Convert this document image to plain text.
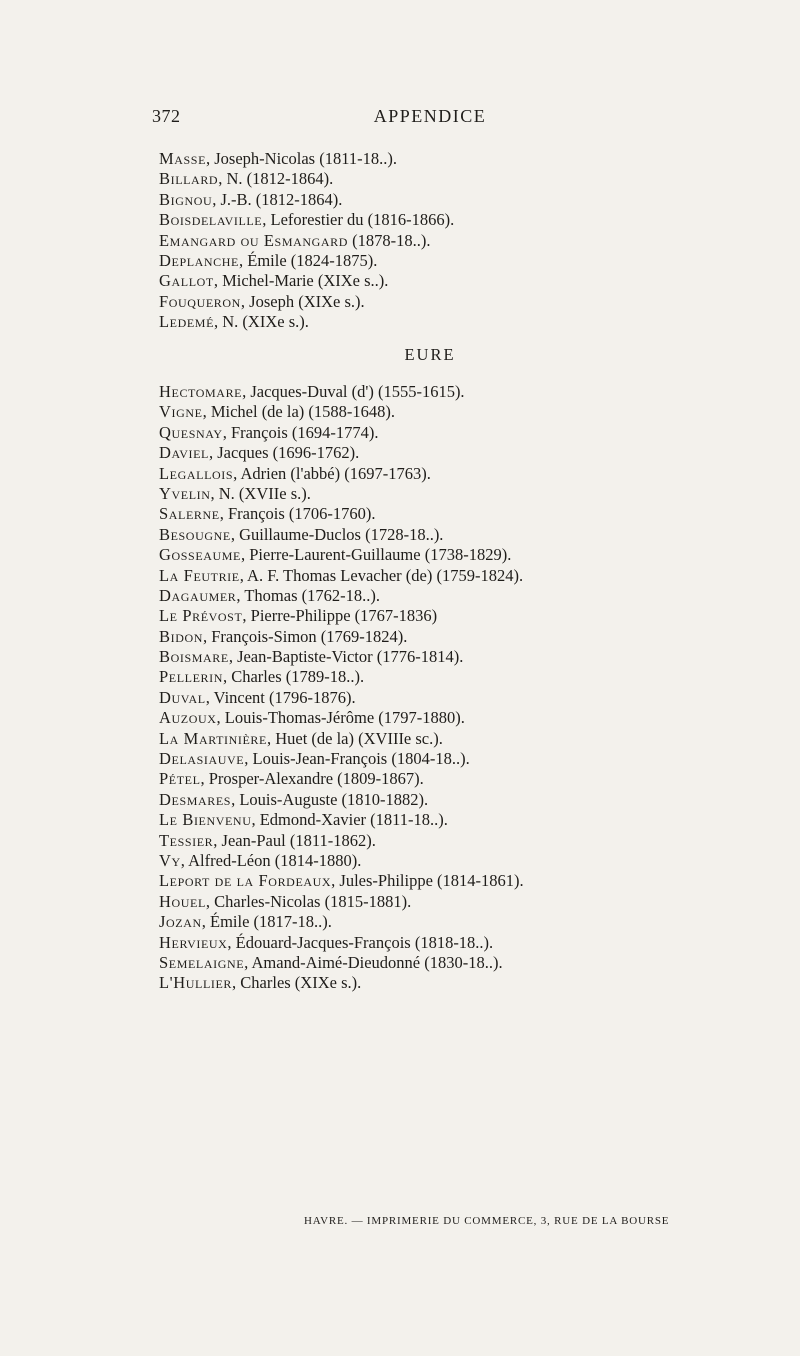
372	APPENDICE
Masse, Joseph-Nicolas (1811-18..).
Billard, N. (1812-1864).
Bignou, J.-B. (1812-1864).
Boisdelaville, Leforestier du (1816-1866).
Emangard ou Esmangard (1878-18..).
Deplanche, Émile (1824-1875).
Gallot, Michel-Marie (XIXe s..).
Fouqueron, Joseph (XIXe s.).
Ledemé, N. (XIXe s.).
EURE
Hectomare, Jacques-Duval (d') (1555-1615).
Vigne, Michel (de la) (1588-1648).
Quesnay, François (1694-1774).
Daviel, Jacques (1696-1762).
Legallois, Adrien (l'abbé) (1697-1763).
Yvelin, N. (XVIIe s.).
Salerne, François (1706-1760).
Besougne, Guillaume-Duclos (1728-18..).
Gosseaume, Pierre-Laurent-Guillaume (1738-1829).
La Feutrie, A. F. Thomas Levacher (de) (1759-1824).
Dagaumer, Thomas (1762-18..).
Le Prévost, Pierre-Philippe (1767-1836)
Bidon, François-Simon (1769-1824).
Boismare, Jean-Baptiste-Victor (1776-1814).
Pellerin, Charles (1789-18..).
Duval, Vincent (1796-1876).
Auzoux, Louis-Thomas-Jérôme (1797-1880).
La Martinière, Huet (de la) (XVIIIe sc.).
Delasiauve, Louis-Jean-François (1804-18..).
Pétel, Prosper-Alexandre (1809-1867).
Desmares, Louis-Auguste (1810-1882).
Le Bienvenu, Edmond-Xavier (1811-18..).
Tessier, Jean-Paul (1811-1862).
Vy, Alfred-Léon (1814-1880).
Leport de la Fordeaux, Jules-Philippe (1814-1861).
Houel, Charles-Nicolas (1815-1881).
Jozan, Émile (1817-18..).
Hervieux, Édouard-Jacques-François (1818-18..).
Semelaigne, Amand-Aimé-Dieudonné (1830-18..).
L'Hullier, Charles (XIXe s.).
HAVRE. — IMPRIMERIE DU COMMERCE, 3, RUE DE LA BOURSE
